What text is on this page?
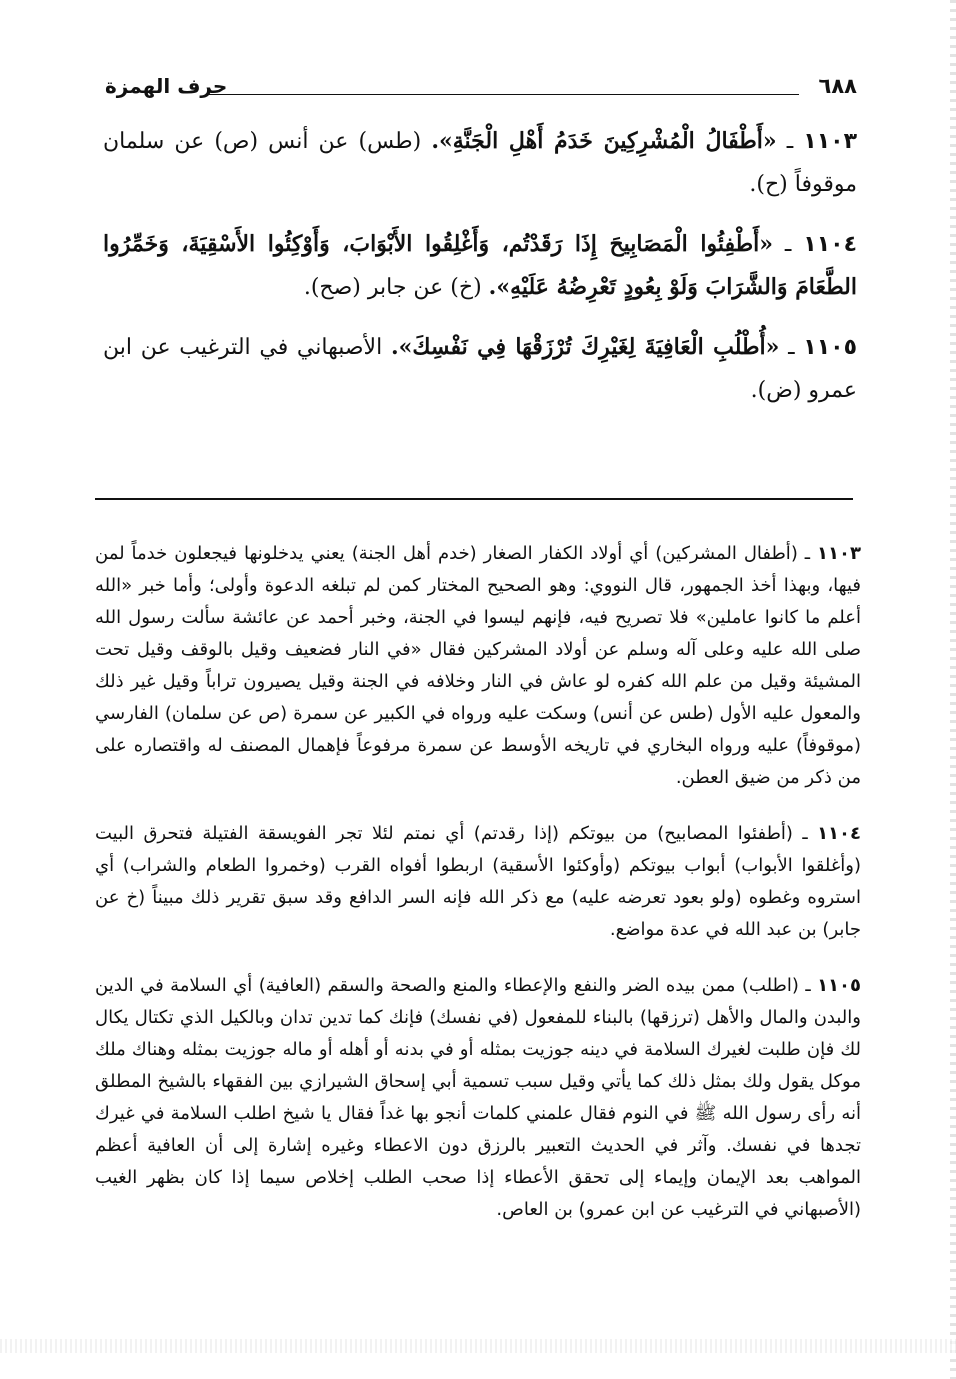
٦٨٨
حرف الهمزة

١١٠٣ ـ «أَطْفَالُ الْمُشْرِكِينَ خَدَمُ أَهْلِ الْجَنَّةِ». (طس) عن أنس (ص) عن سلمان موقوفاً (ح).

١١٠٤ ـ «أَطْفِئُوا الْمَصَابِيحَ إِذَا رَقَدْتُم، وَأَغْلِقُوا الأَبْوَابَ، وَأَوْكِئُوا الأَسْقِيَةَ، وَخَمِّرُوا الطَّعَامَ وَالشَّرَابَ وَلَوْ بِعُودٍ تَعْرِضُهُ عَلَيْهِ». (خ) عن جابر (صح).

١١٠٥ ـ «أُطْلُبِ الْعَافِيَةَ لِغَيْرِكَ تُرْزَقْهَا فِي نَفْسِكَ». الأصبهاني في الترغيب عن ابن عمرو (ض).

١١٠٣ ـ (أطفال المشركين) أي أولاد الكفار الصغار (خدم أهل الجنة) يعني يدخلونها فيجعلون خدماً لمن فيها، وبهذا أخذ الجمهور، قال النووي: وهو الصحيح المختار كمن لم تبلغه الدعوة وأولى؛ وأما خبر «الله أعلم ما كانوا عاملين» فلا تصريح فيه، فإنهم ليسوا في الجنة، وخبر أحمد عن عائشة سألت رسول الله صلى الله عليه وعلى آله وسلم عن أولاد المشركين فقال «في النار فضعيف وقيل بالوقف وقيل تحت المشيئة وقيل من علم الله كفره لو عاش في النار وخلافه في الجنة وقيل يصيرون تراباً وقيل غير ذلك والمعول عليه الأول (طس عن أنس) وسكت عليه ورواه في الكبير عن سمرة (ص عن سلمان) الفارسي (موقوفاً) عليه ورواه البخاري في تاريخه الأوسط عن سمرة مرفوعاً فإهمال المصنف له واقتصاره على من ذكر من ضيق العطن.

١١٠٤ ـ (أطفئوا المصابيح) من بيوتكم (إذا رقدتم) أي نمتم لئلا تجر الفويسقة الفتيلة فتحرق البيت (وأغلقوا الأبواب) أبواب بيوتكم (وأوكئوا الأسقية) اربطوا أفواه القرب (وخمروا الطعام والشراب) أي استروه وغطوه (ولو بعود تعرضه عليه) مع ذكر الله فإنه السر الدافع وقد سبق تقرير ذلك مبيناً (خ عن جابر) بن عبد الله في عدة مواضع.

١١٠٥ ـ (اطلب) ممن بيده الضر والنفع والإعطاء والمنع والصحة والسقم (العافية) أي السلامة في الدين والبدن والمال والأهل (ترزقها) بالبناء للمفعول (في نفسك) فإنك كما تدين تدان وبالكيل الذي تكتال يكال لك فإن طلبت لغيرك السلامة في دينه جوزيت بمثله أو في بدنه أو أهله أو ماله جوزيت بمثله وهناك ملك موكل يقول ولك بمثل ذلك كما يأتي وقيل سبب تسمية أبي إسحاق الشيرازي بين الفقهاء بالشيخ المطلق أنه رأى رسول الله ﷺ في النوم فقال علمني كلمات أنجو بها غداً فقال يا شيخ اطلب السلامة في غيرك تجدها في نفسك. وآثر في الحديث التعبير بالرزق دون الاعطاء وغيره إشارة إلى أن العافية أعظم المواهب بعد الإيمان وإيماء إلى تحقق الأعطاء إذا صحب الطلب إخلاص سيما إذا كان بظهر الغيب (الأصبهاني في الترغيب عن ابن عمرو) بن العاص.
